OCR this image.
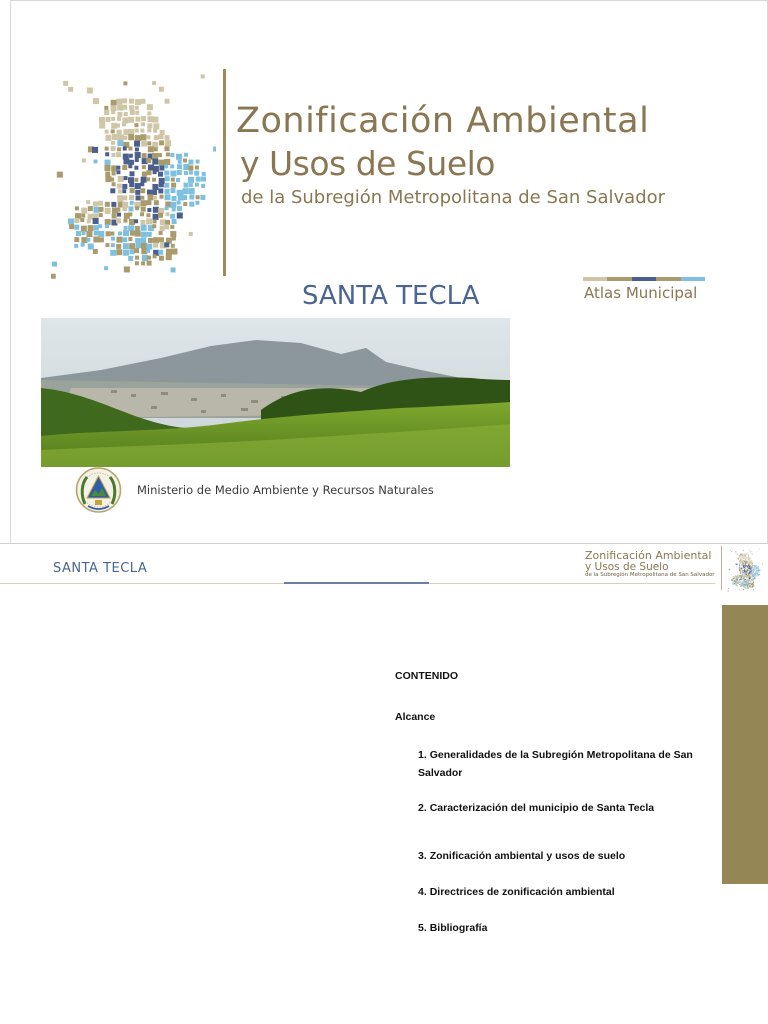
Zonificación Ambiental
y Usos de Suelo
de la Subregión Metropolitana de San Salvador
SANTA TECLA	Atlas Municipal
Ministerio de Medio Ambiente y Recursos Naturales
SANTA TECLA
Zonificación Ambiental
y Usos de Suelo
de la Subregión Metropolitana de San Salvador
CONTENIDO
Alcance
1. Generalidades de la Subregión Metropolitana de San Salvador
2. Caracterización del municipio de Santa Tecla
3. Zonificación ambiental y usos de suelo
4. Directrices de zonificación ambiental
5. Bibliografía
